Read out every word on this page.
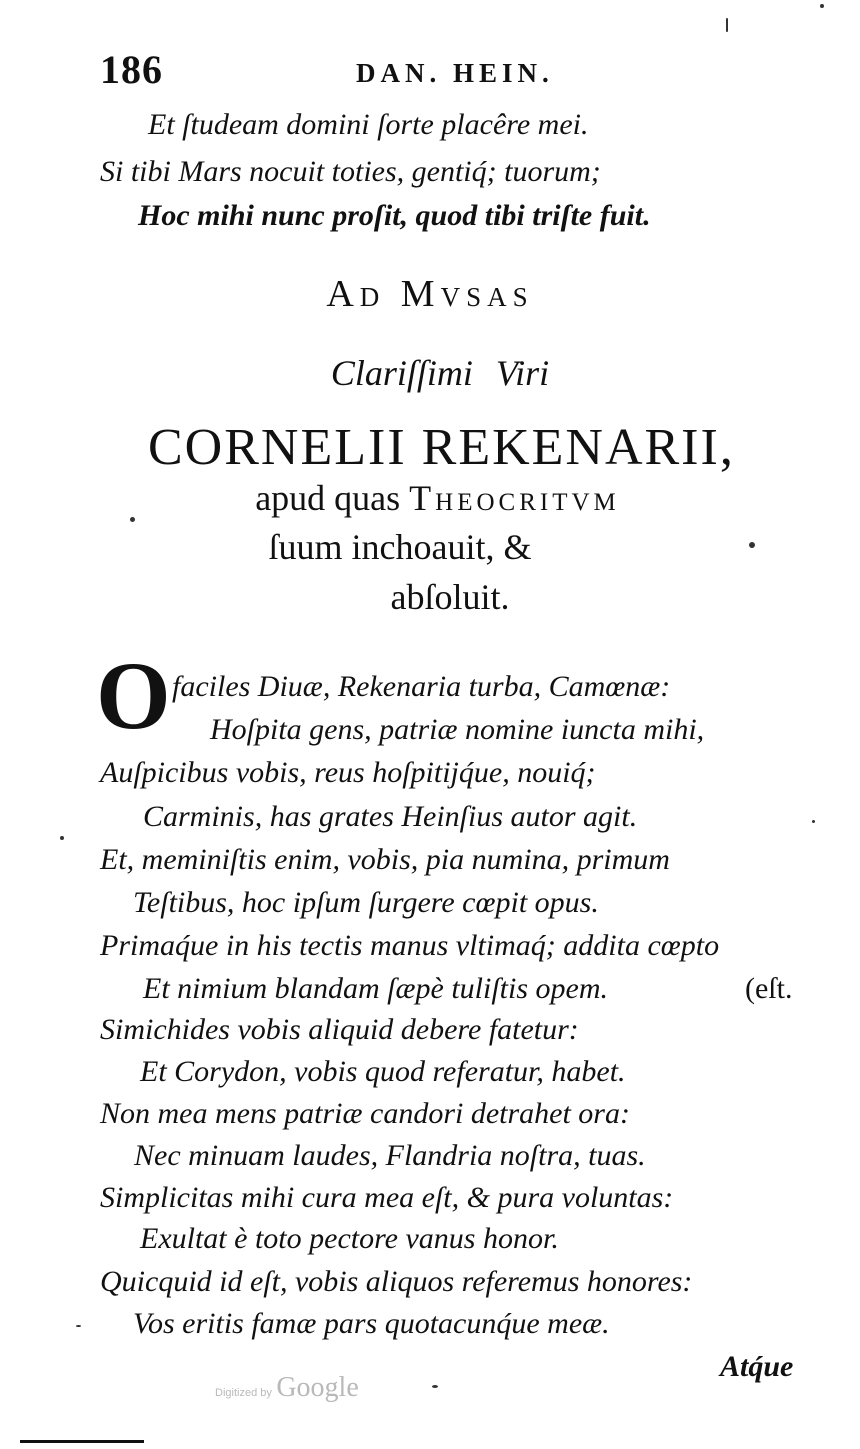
186	DAN. HEIN.
Et ſtudeam domini ſorte placêre mei.
Si tibi Mars nocuit toties, gentiq́; tuorum;
Hoc mihi nunc proſit, quod tibi triſte fuit.
Ad Mvsas
Clariſſimi Viri
CORNELII REKENARII,
apud quas Theocritvm
ſuum inchoauit, &
abſoluit.
O faciles Diuæ, Rekenaria turba, Camœnæ:
Hoſpita gens, patriæ nomine iuncta mihi,
Auſpicibus vobis, reus hoſpitijq́ue, nouiq́;
Carminis, has grates Heinſius autor agit.
Et, meminiſtis enim, vobis, pia numina, primum
Teſtibus, hoc ipſum ſurgere cœpit opus.
Primaq́ue in his tectis manus vltimaq́; addita cœpto
Et nimium blandam ſæpè tuliſtis opem.	(eſt.
Simichides vobis aliquid debere fatetur:
Et Corydon, vobis quod referatur, habet.
Non mea mens patriæ candori detrahet ora:
Nec minuam laudes, Flandria noſtra, tuas.
Simplicitas mihi cura mea eſt, & pura voluntas:
Exultat è toto pectore vanus honor.
Quicquid id eſt, vobis aliquos referemus honores:
Vos eritis famæ pars quotacunq́ue meæ.
Atq́ue
Digitized by Google
